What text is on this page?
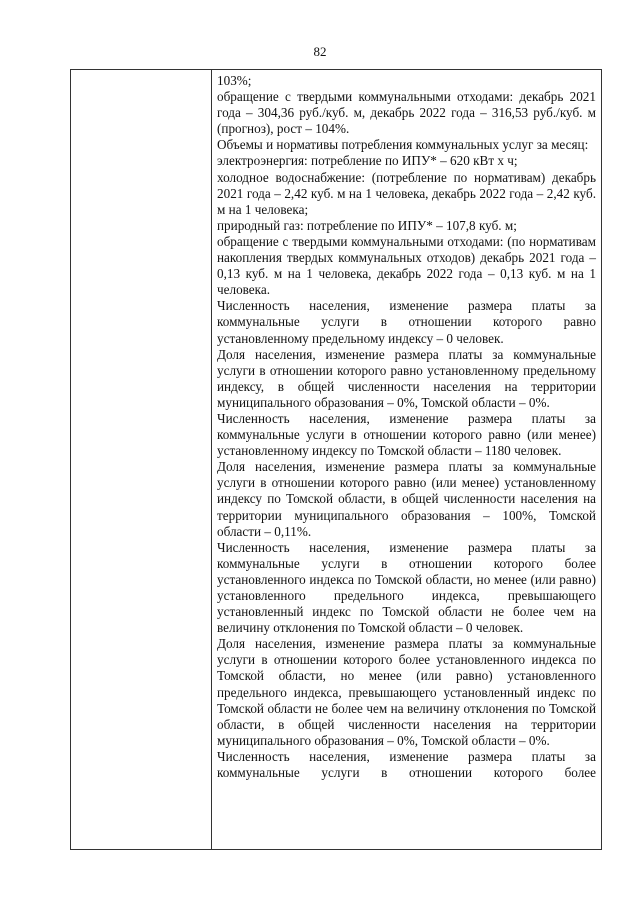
82

103%;

обращение с твердыми коммунальными отходами: декабрь 2021 года – 304,36 руб./куб. м, декабрь 2022 года – 316,53 руб./куб. м (прогноз), рост – 104%.

Объемы и нормативы потребления коммунальных услуг за месяц:

электроэнергия: потребление по ИПУ* – 620 кВт х ч;

холодное водоснабжение: (потребление по нормативам) декабрь 2021 года – 2,42 куб. м на 1 человека, декабрь 2022 года – 2,42 куб. м на 1 человека;

природный газ: потребление по ИПУ* – 107,8 куб. м;

обращение с твердыми коммунальными отходами: (по нормативам накопления твердых коммунальных отходов) декабрь 2021 года – 0,13 куб. м на 1 человека, декабрь 2022 года – 0,13 куб. м на 1 человека.

Численность населения, изменение размера платы за коммунальные услуги в отношении которого равно установленному предельному индексу – 0 человек.

Доля населения, изменение размера платы за коммунальные услуги в отношении которого равно установленному предельному индексу, в общей численности населения на территории муниципального образования – 0%, Томской области – 0%.

Численность населения, изменение размера платы за коммунальные услуги в отношении которого равно (или менее) установленному индексу по Томской области – 1180 человек.

Доля населения, изменение размера платы за коммунальные услуги в отношении которого равно (или менее) установленному индексу по Томской области, в общей численности населения на территории муниципального образования – 100%, Томской области – 0,11%.

Численность населения, изменение размера платы за коммунальные услуги в отношении которого более установленного индекса по Томской области, но менее (или равно) установленного предельного индекса, превышающего установленный индекс по Томской области не более чем на величину отклонения по Томской области – 0 человек.

Доля населения, изменение размера платы за коммунальные услуги в отношении которого более установленного индекса по Томской области, но менее (или равно) установленного предельного индекса, превышающего установленный индекс по Томской области не более чем на величину отклонения по Томской области, в общей численности населения на территории муниципального образования – 0%, Томской области – 0%.

Численность населения, изменение размера платы за коммунальные услуги в отношении которого более
